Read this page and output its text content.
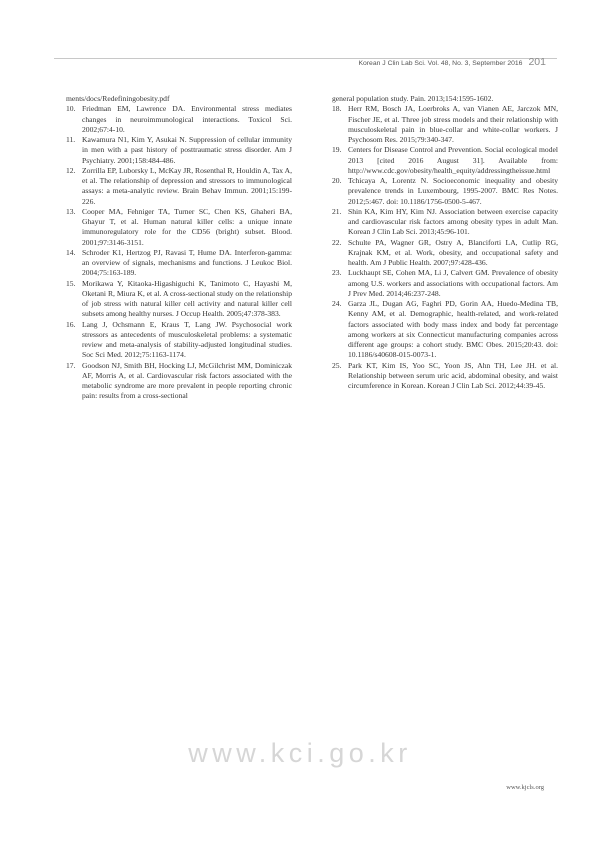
Korean J Clin Lab Sci. Vol. 48, No. 3, September 2016 201
ments/docs/Redefiningobesity.pdf
10. Friedman EM, Lawrence DA. Environmental stress mediates changes in neuroimmunological interactions. Toxicol Sci. 2002;67:4-10.
11. Kawamura N1, Kim Y, Asukai N. Suppression of cellular immunity in men with a past history of posttraumatic stress disorder. Am J Psychiatry. 2001;158:484-486.
12. Zorrilla EP, Luborsky L, McKay JR, Rosenthal R, Houldin A, Tax A, et al. The relationship of depression and stressors to immunological assays: a meta-analytic review. Brain Behav Immun. 2001;15:199-226.
13. Cooper MA, Fehniger TA, Turner SC, Chen KS, Ghaheri BA, Ghayur T, et al. Human natural killer cells: a unique innate immunoregulatory role for the CD56 (bright) subset. Blood. 2001;97:3146-3151.
14. Schroder K1, Hertzog PJ, Ravasi T, Hume DA. Interferon-gamma: an overview of signals, mechanisms and functions. J Leukoc Biol. 2004;75:163-189.
15. Morikawa Y, Kitaoka-Higashiguchi K, Tanimoto C, Hayashi M, Oketani R, Miura K, et al. A cross-sectional study on the relationship of job stress with natural killer cell activity and natural killer cell subsets among healthy nurses. J Occup Health. 2005;47:378-383.
16. Lang J, Ochsmann E, Kraus T, Lang JW. Psychosocial work stressors as antecedents of musculoskeletal problems: a systematic review and meta-analysis of stability-adjusted longitudinal studies. Soc Sci Med. 2012;75:1163-1174.
17. Goodson NJ, Smith BH, Hocking LJ, McGilchrist MM, Dominiczak AF, Morris A, et al. Cardiovascular risk factors associated with the metabolic syndrome are more prevalent in people reporting chronic pain: results from a cross-sectional
general population study. Pain. 2013;154:1595-1602.
18. Herr RM, Bosch JA, Loerbroks A, van Vianen AE, Jarczok MN, Fischer JE, et al. Three job stress models and their relationship with musculoskeletal pain in blue-collar and white-collar workers. J Psychosom Res. 2015;79:340-347.
19. Centers for Disease Control and Prevention. Social ecological model 2013 [cited 2016 August 31]. Available from: http://www.cdc.gov/obesity/health_equity/addressingtheissue.html
20. Tchicaya A, Lorentz N. Socioeconomic inequality and obesity prevalence trends in Luxembourg, 1995-2007. BMC Res Notes. 2012;5:467. doi: 10.1186/1756-0500-5-467.
21. Shin KA, Kim HY, Kim NJ. Association between exercise capacity and cardiovascular risk factors among obesity types in adult Man. Korean J Clin Lab Sci. 2013;45:96-101.
22. Schulte PA, Wagner GR, Ostry A, Blanciforti LA, Cutlip RG, Krajnak KM, et al. Work, obesity, and occupational safety and health. Am J Public Health. 2007;97:428-436.
23. Luckhaupt SE, Cohen MA, Li J, Calvert GM. Prevalence of obesity among U.S. workers and associations with occupational factors. Am J Prev Med. 2014;46:237-248.
24. Garza JL, Dugan AG, Faghri PD, Gorin AA, Huedo-Medina TB, Kenny AM, et al. Demographic, health-related, and work-related factors associated with body mass index and body fat percentage among workers at six Connecticut manufacturing companies across different age groups: a cohort study. BMC Obes. 2015;20:43. doi: 10.1186/s40608-015-0073-1.
25. Park KT, Kim IS, Yoo SC, Yoon JS, Ahn TH, Lee JH. et al. Relationship between serum uric acid, abdominal obesity, and waist circumference in Korean. Korean J Clin Lab Sci. 2012;44:39-45.
www.kci.go.kr
www.kjcls.org
